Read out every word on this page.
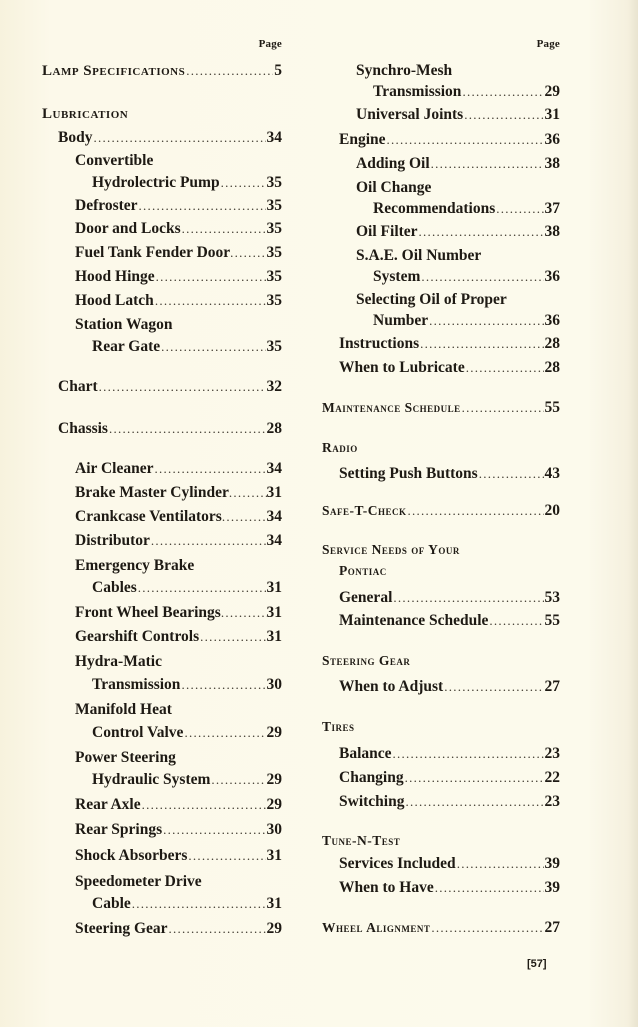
Page
Lamp Specifications . . .	5
Lubrication
Body . . .	34
Convertible
Hydrolectric Pump . . .	35
Defroster . . .	35
Door and Locks . . .	35
Fuel Tank Fender Door . . . 35
Hood Hinge . . .	35
Hood Latch . . .	35
Station Wagon
Rear Gate . . .	35
Chart . . .	32
Chassis . . .	28
Air Cleaner . . .	34
Brake Master Cylinder . . . 31
Crankcase Ventilators . . .	34
Distributor . . .	34
Emergency Brake
Cables . . .	31
Front Wheel Bearings . . .	31
Gearshift Controls . . .	31
Hydra-Matic
Transmission . . .	30
Manifold Heat
Control Valve . . .	29
Power Steering
Hydraulic System . . .	29
Rear Axle . . .	29
Rear Springs . . .	30
Shock Absorbers . . .	31
Speedometer Drive
Cable . . .	31
Steering Gear . . .	29
Page
Synchro-Mesh
Transmission . . .	29
Universal Joints . . .	31
Engine . . .	36
Adding Oil . . .	38
Oil Change
Recommendations . . .	37
Oil Filter . . .	38
S.A.E. Oil Number
System . . .	36
Selecting Oil of Proper
Number . . .	36
Instructions . . .	28
When to Lubricate . . .	28
Maintenance Schedule . . .	55
Radio
Setting Push Buttons . . .	43
Safe-T-Check . . .	20
Service Needs of Your
Pontiac
General . . .	53
Maintenance Schedule . . .	55
Steering Gear
When to Adjust . . .	27
Tires
Balance . . .	23
Changing . . .	22
Switching . . .	23
Tune-N-Test
Services Included . . .	39
When to Have . . .	39
Wheel Alignment . . .	27
[57]
